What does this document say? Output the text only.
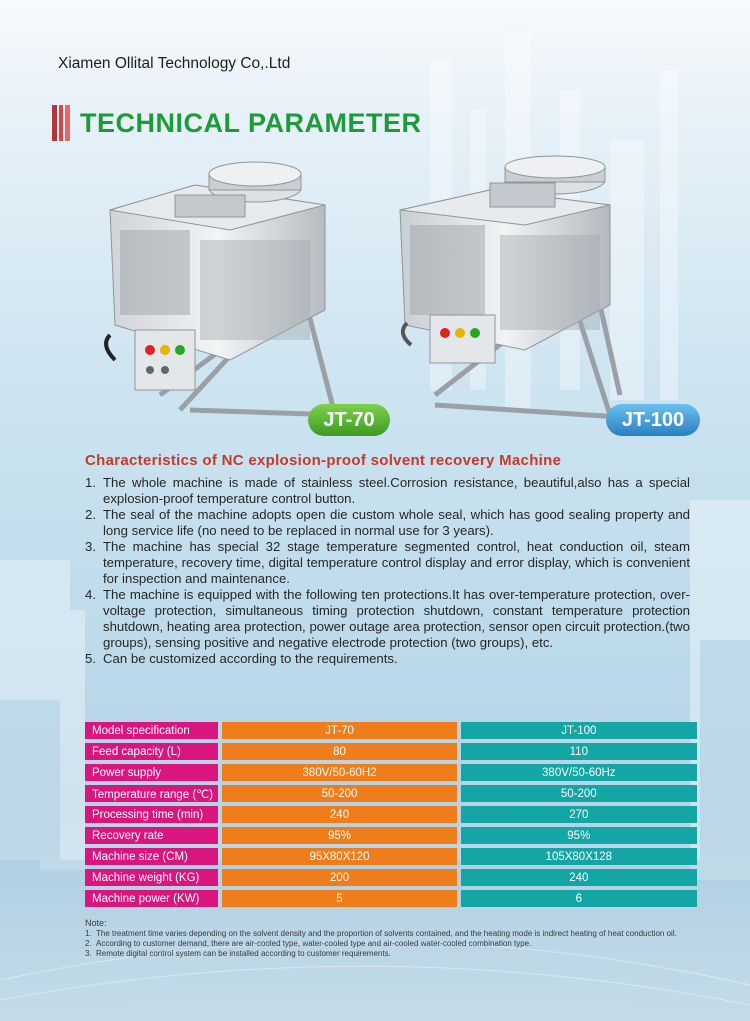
Xiamen Ollital Technology Co,.Ltd
TECHNICAL PARAMETER
JT-70	JT-100
Characteristics of NC explosion-proof solvent recovery Machine
1. The whole machine is made of stainless steel.Corrosion resistance, beautiful,also has a special explosion-proof temperature control button.
2. The seal of the machine adopts open die custom whole seal, which has good sealing property and long service life (no need to be replaced in normal use for 3 years).
3. The machine has special 32 stage temperature segmented control, heat conduction oil, steam temperature, recovery time, digital temperature control display and error display, which is convenient for inspection and maintenance.
4. The machine is equipped with the following ten protections.It has over-temperature protection, over-voltage protection, simultaneous timing protection shutdown, constant temperature protection shutdown, heating area protection, power outage area protection, sensor open circuit protection.(two groups), sensing positive and negative electrode protection (two groups), etc.
5. Can be customized according to the requirements.
Model specification		JT-70		JT-100
Feed capacity (L)		80		110
Power supply		380V/50-60H2		380V/50-60Hz
Temperature range (℃)		50-200		50-200
Processing time (min)		240		270
Recovery rate		95%		95%
Machine size (CM)		95X80X120		105X80X128
Machine weight (KG)		200		240
Machine power (KW)		5		6
Note:
1. The treatment time varies depending on the solvent density and the proportion of solvents contained, and the heating mode is indirect heating of heat conduction oil.
2. According to customer demand, there are air-cooled type, water-cooled type and air-cooled water-cooled combination type.
3. Remote digital control system can be installed according to customer requirements.
